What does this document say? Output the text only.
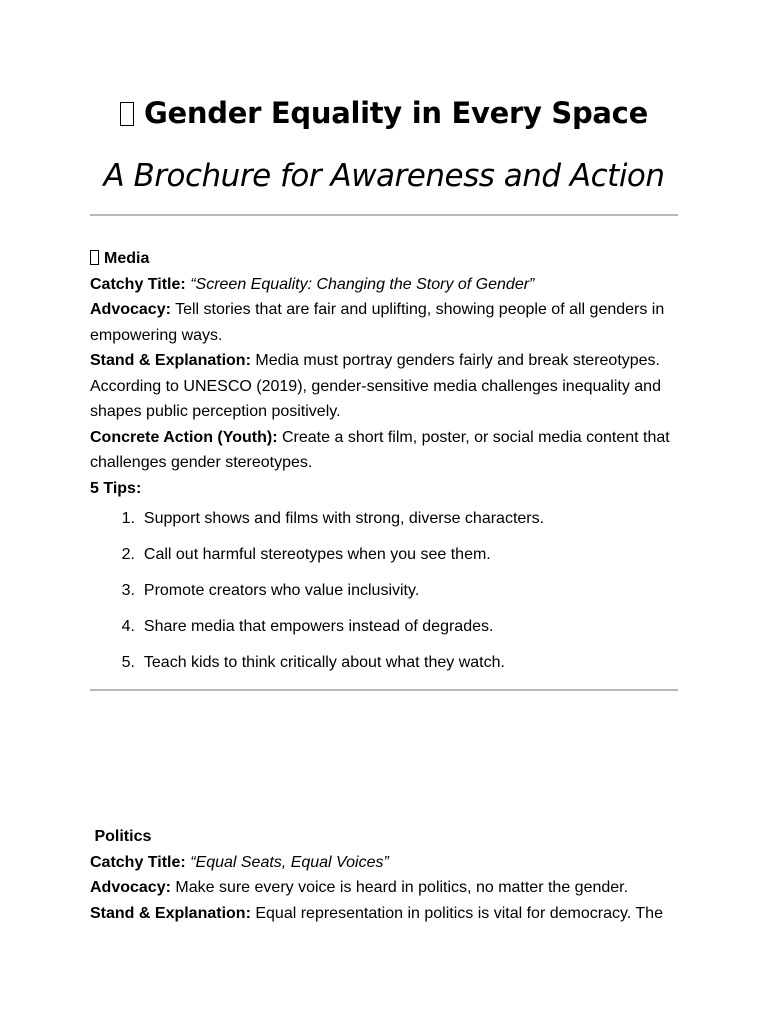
Gender Equality in Every Space
A Brochure for Awareness and Action

Media

Catchy Title: “Screen Equality: Changing the Story of Gender”

Advocacy: Tell stories that are fair and uplifting, showing people of all genders in empowering ways.

Stand & Explanation: Media must portray genders fairly and break stereotypes. According to UNESCO (2019), gender-sensitive media challenges inequality and shapes public perception positively.

Concrete Action (Youth): Create a short film, poster, or social media content that challenges gender stereotypes.

5 Tips:

1. Support shows and films with strong, diverse characters.
2. Call out harmful stereotypes when you see them.
3. Promote creators who value inclusivity.
4. Share media that empowers instead of degrades.
5. Teach kids to think critically about what they watch.

Politics

Catchy Title: “Equal Seats, Equal Voices”

Advocacy: Make sure every voice is heard in politics, no matter the gender.

Stand & Explanation: Equal representation in politics is vital for democracy. The
